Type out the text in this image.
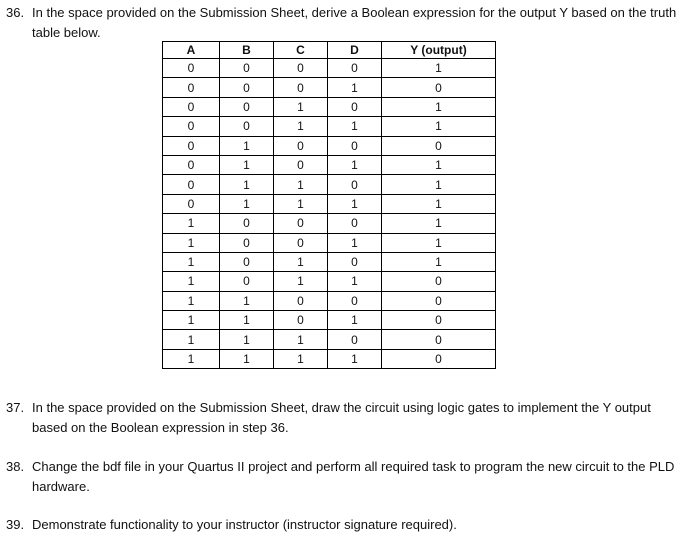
36. In the space provided on the Submission Sheet, derive a Boolean expression for the output Y based on the truth table below.
A	B	C	D	Y (output)
0	0	0	0	1
0	0	0	1	0
0	0	1	0	1
0	0	1	1	1
0	1	0	0	0
0	1	0	1	1
0	1	1	0	1
0	1	1	1	1
1	0	0	0	1
1	0	0	1	1
1	0	1	0	1
1	0	1	1	0
1	1	0	0	0
1	1	0	1	0
1	1	1	0	0
1	1	1	1	0
37. In the space provided on the Submission Sheet, draw the circuit using logic gates to implement the Y output based on the Boolean expression in step 36.
38. Change the bdf file in your Quartus II project and perform all required task to program the new circuit to the PLD hardware.
39. Demonstrate functionality to your instructor (instructor signature required).
